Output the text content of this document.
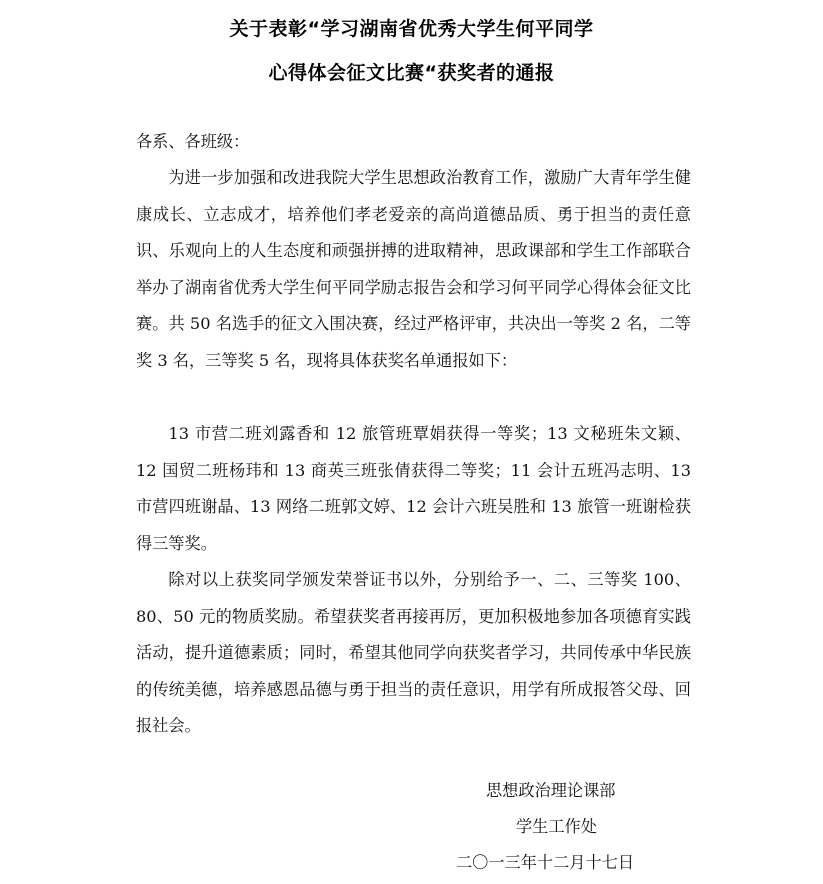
关于表彰“学习湖南省优秀大学生何平同学
心得体会征文比赛“获奖者的通报

各系、各班级：

为进一步加强和改进我院大学生思想政治教育工作，激励广大青年学生健康成长、立志成才，培养他们孝老爱亲的高尚道德品质、勇于担当的责任意识、乐观向上的人生态度和顽强拼搏的进取精神，思政课部和学生工作部联合举办了湖南省优秀大学生何平同学励志报告会和学习何平同学心得体会征文比赛。共 50 名选手的征文入围决赛，经过严格评审，共决出一等奖 2 名，二等奖 3 名，三等奖 5 名，现将具体获奖名单通报如下：

13 市营二班刘露香和 12 旅管班覃娟获得一等奖；13 文秘班朱文颖、12 国贸二班杨玮和 13 商英三班张倩获得二等奖；11 会计五班冯志明、13 市营四班谢晶、13 网络二班郭文婷、12 会计六班吴胜和 13 旅管一班谢检获得三等奖。

除对以上获奖同学颁发荣誉证书以外，分别给予一、二、三等奖 100、80、50 元的物质奖励。希望获奖者再接再厉，更加积极地参加各项德育实践活动，提升道德素质；同时，希望其他同学向获奖者学习，共同传承中华民族的传统美德，培养感恩品德与勇于担当的责任意识，用学有所成报答父母、回报社会。

思想政治理论课部
学生工作处
二〇一三年十二月十七日
